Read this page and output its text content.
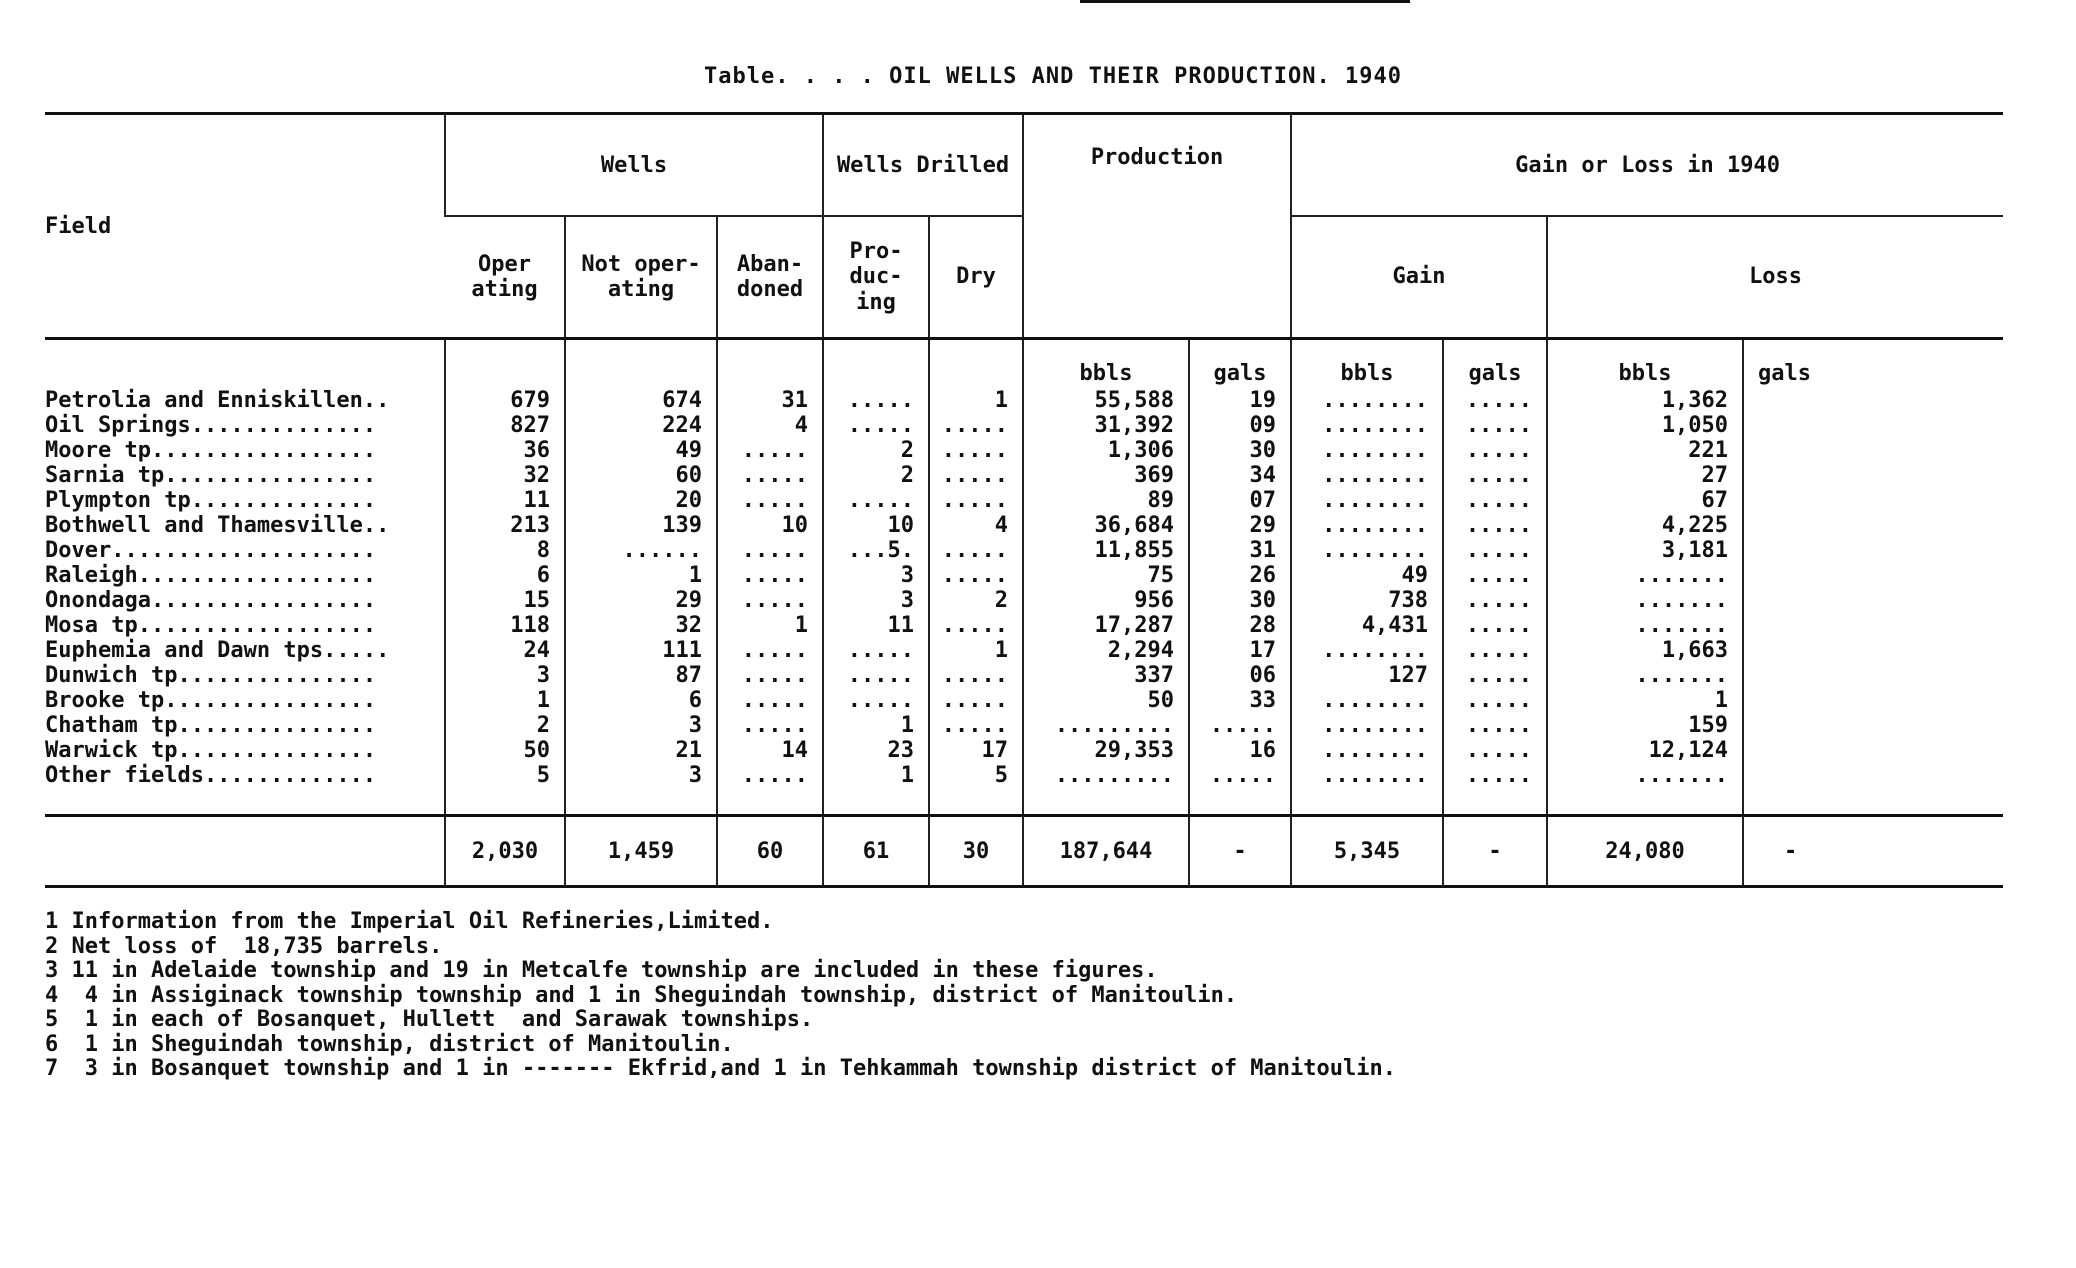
Table. . . . OIL WELLS AND THEIR PRODUCTION. 1940
Field	Wells			Wells Drilled		Production		Gain or Loss in 1940			
	Oper ating	Not oper- ating	Aban- doned	Pro- duc- ing	Dry			Gain		Loss	
						bbls	gals	bbls	gals	bbls	gals
Petrolia and Enniskillen..	679	674	31	.....	1	55,588	19	........	.....	1,362	
Oil Springs..............	827	224	4	.....	.....	31,392	09	........	.....	1,050	
Moore tp.................	36	49	.....	2	.....	1,306	30	........	.....	221	
Sarnia tp................	32	60	.....	2	.....	369	34	........	.....	27	
Plympton tp..............	11	20	.....	.....	.....	89	07	........	.....	67	
Bothwell and Thamesville..	213	139	10	10	4	36,684	29	........	.....	4,225	
Dover....................	8	......	.....	...5.	.....	11,855	31	........	.....	3,181	
Raleigh..................	6	1	.....	3	.....	75	26	49	.....	.......	
Onondaga.................	15	29	.....	3	2	956	30	738	.....	.......	
Mosa tp..................	118	32	1	11	.....	17,287	28	4,431	.....	.......	
Euphemia and Dawn tps.....	24	111	.....	.....	1	2,294	17	........	.....	1,663	
Dunwich tp...............	3	87	.....	.....	.....	337	06	127	.....	.......	
Brooke tp................	1	6	.....	.....	.....	50	33	........	.....	1	
Chatham tp...............	2	3	.....	1	.....	.........	.....	........	.....	159	
Warwick tp...............	50	21	14	23	17	29,353	16	........	.....	12,124	
Other fields.............	5	3	.....	1	5	.........	.....	........	.....	.......	

	2,030	1,459	60	61	30	187,644	-	5,345	-	24,080	-
1 Information from the Imperial Oil Refineries,Limited.
2 Net loss of  18,735 barrels.
3 11 in Adelaide township and 19 in Metcalfe township are included in these figures.
4  4 in Assiginack township township and 1 in Sheguindah township, district of Manitoulin.
5  1 in each of Bosanquet, Hullett  and Sarawak townships.
6  1 in Sheguindah township, district of Manitoulin.
7  3 in Bosanquet township and 1 in ------- Ekfrid,and 1 in Tehkammah township district of Manitoulin.
